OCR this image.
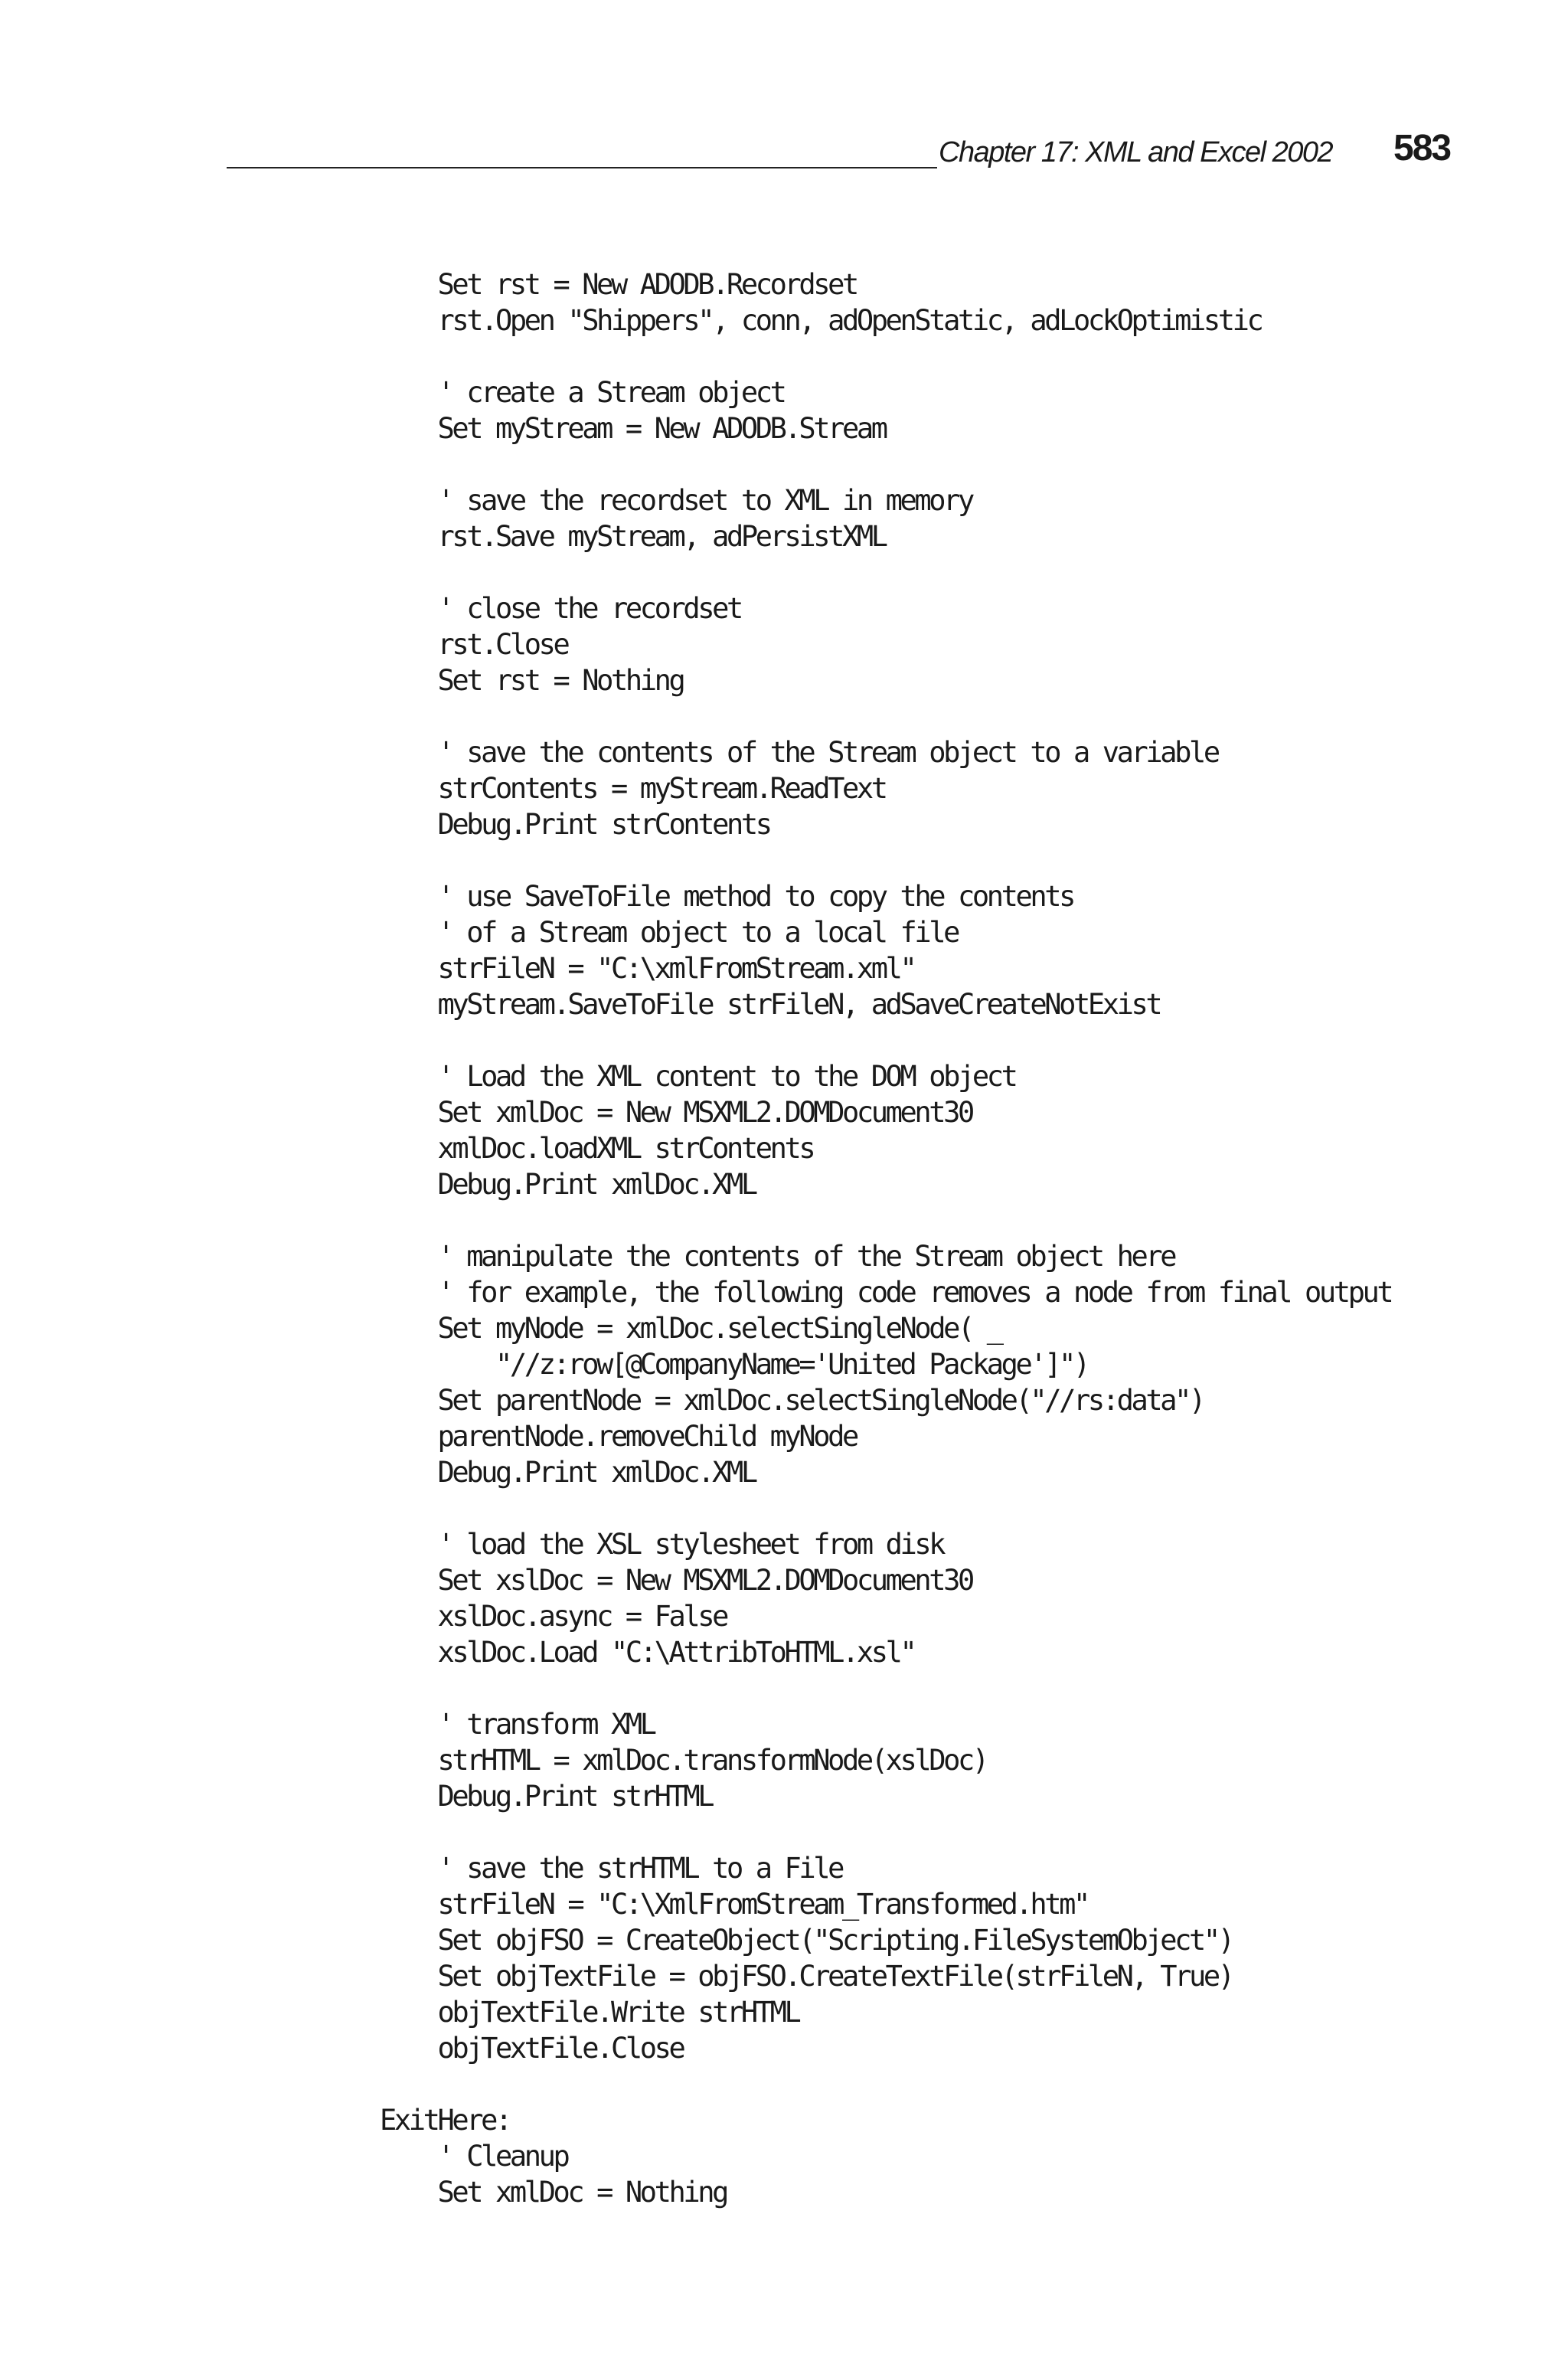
Chapter 17: XML and Excel 2002 583
Set rst = New ADODB.Recordset
rst.Open "Shippers", conn, adOpenStatic, adLockOptimistic
' create a Stream object
Set myStream = New ADODB.Stream
' save the recordset to XML in memory
rst.Save myStream, adPersistXML
' close the recordset
rst.Close
Set rst = Nothing
' save the contents of the Stream object to a variable
strContents = myStream.ReadText
Debug.Print strContents
' use SaveToFile method to copy the contents
' of a Stream object to a local file
strFileN = "C:\xmlFromStream.xml"
myStream.SaveToFile strFileN, adSaveCreateNotExist
' Load the XML content to the DOM object
Set xmlDoc = New MSXML2.DOMDocument30
xmlDoc.loadXML strContents
Debug.Print xmlDoc.XML
' manipulate the contents of the Stream object here
' for example, the following code removes a node from final output
Set myNode = xmlDoc.selectSingleNode( _
"//z:row[@CompanyName='United Package']")
Set parentNode = xmlDoc.selectSingleNode("//rs:data")
parentNode.removeChild myNode
Debug.Print xmlDoc.XML
' load the XSL stylesheet from disk
Set xslDoc = New MSXML2.DOMDocument30
xslDoc.async = False
xslDoc.Load "C:\AttribToHTML.xsl"
' transform XML
strHTML = xmlDoc.transformNode(xslDoc)
Debug.Print strHTML
' save the strHTML to a File
strFileN = "C:\XmlFromStream_Transformed.htm"
Set objFSO = CreateObject("Scripting.FileSystemObject")
Set objTextFile = objFSO.CreateTextFile(strFileN, True)
objTextFile.Write strHTML
objTextFile.Close
ExitHere:
' Cleanup
Set xmlDoc = Nothing
